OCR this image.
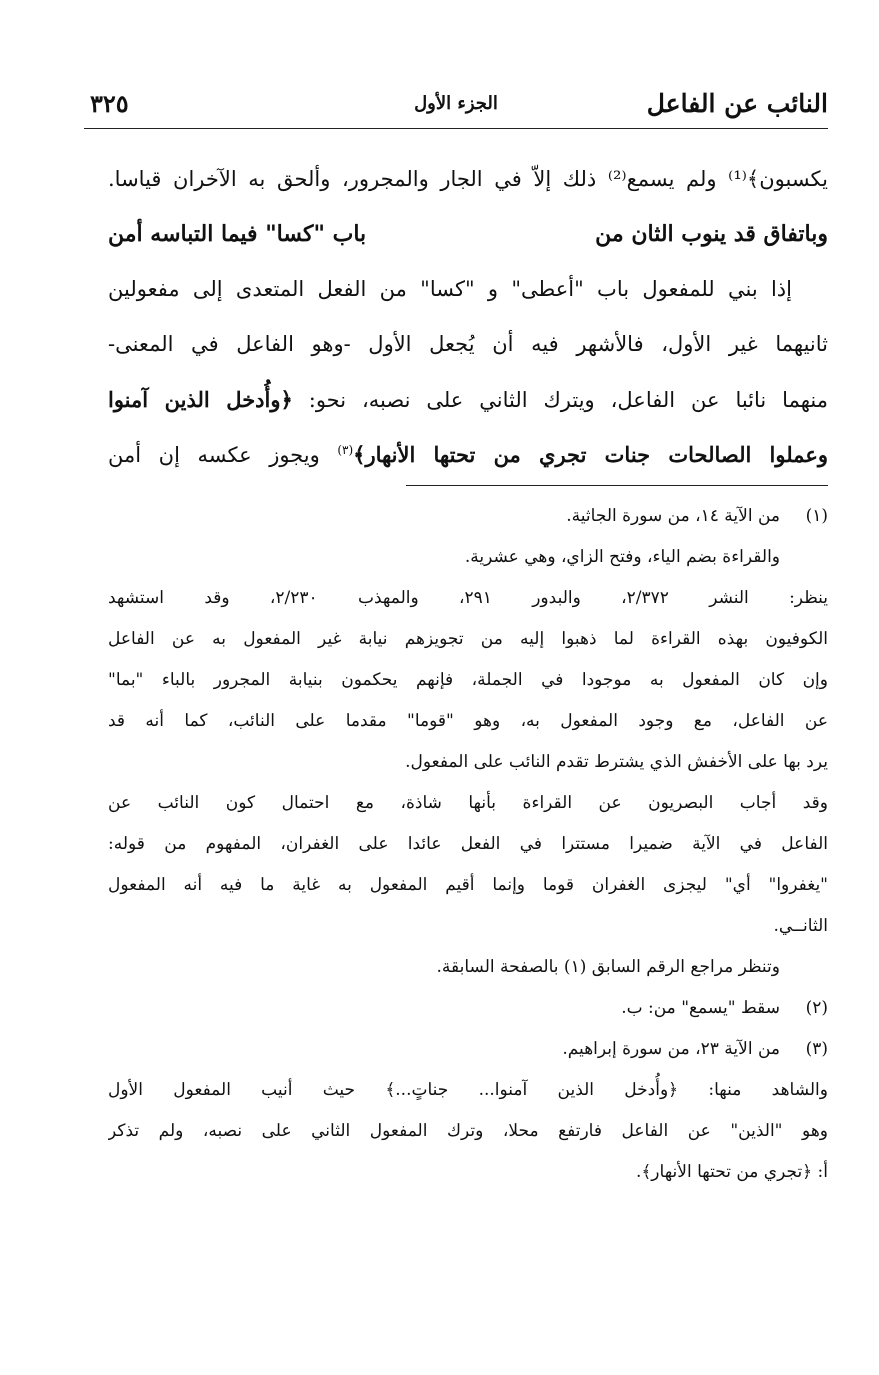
النائب عن الفاعل
الجزء الأول
٣٢٥
يكسبون﴾⁽¹⁾ ولم يسمع⁽²⁾ ذلك إلاّ في الجار والمجرور، وألحق به الآخران قياسا.
وباتفاق قد ينوب الثان من
باب "كسا" فيما التباسه أمن
إذا بني للمفعول باب "أعطى" و "كسا" من الفعل المتعدى إلى مفعولين
ثانيهما غير الأول، فالأشهر فيه أن يُجعل الأول -وهو الفاعل في المعنى-
منهما نائبا عن الفاعل، ويترك الثاني على نصبه، نحو: ﴿وأُدخل الذين آمنوا
وعملوا الصالحات جنات تجري من تحتها الأنهار﴾$^{(٣)}$ ويجوز عكسه إن أمن
(١)من الآية ١٤، من سورة الجاثية.
والقراءة بضم الياء، وفتح الزاي، وهي عشرية.
ينظر: النشر ٢/٣٧٢، والبدور ٢٩١، والمهذب ٢/٢٣٠، وقد استشهد
الكوفيون بهذه القراءة لما ذهبوا إليه من تجويزهم نيابة غير المفعول به عن الفاعل
وإن كان المفعول به موجودا في الجملة، فإنهم يحكمون بنيابة المجرور بالباء "بما"
عن الفاعل، مع وجود المفعول به، وهو "قوما" مقدما على النائب، كما أنه قد
يرد بها على الأخفش الذي يشترط تقدم النائب على المفعول.
وقد أجاب البصريون عن القراءة بأنها شاذة، مع احتمال كون النائب عن
الفاعل في الآية ضميرا مستترا في الفعل عائدا على الغفران، المفهوم من قوله:
"يغفروا" أي" ليجزى الغفران قوما وإنما أقيم المفعول به غاية ما فيه أنه المفعول
الثانــي.
وتنظر مراجع الرقم السابق (١) بالصفحة السابقة.
(٢)سقط "يسمع" من: ب.
(٣)من الآية ٢٣، من سورة إبراهيم.
والشاهد منها: ﴿وأُدخل الذين آمنوا... جناتٍ...﴾ حيث أنيب المفعول الأول
وهو "الذين" عن الفاعل فارتفع محلا، وترك المفعول الثاني على نصبه، ولم تذكر
أ: ﴿تجري من تحتها الأنهار﴾.
